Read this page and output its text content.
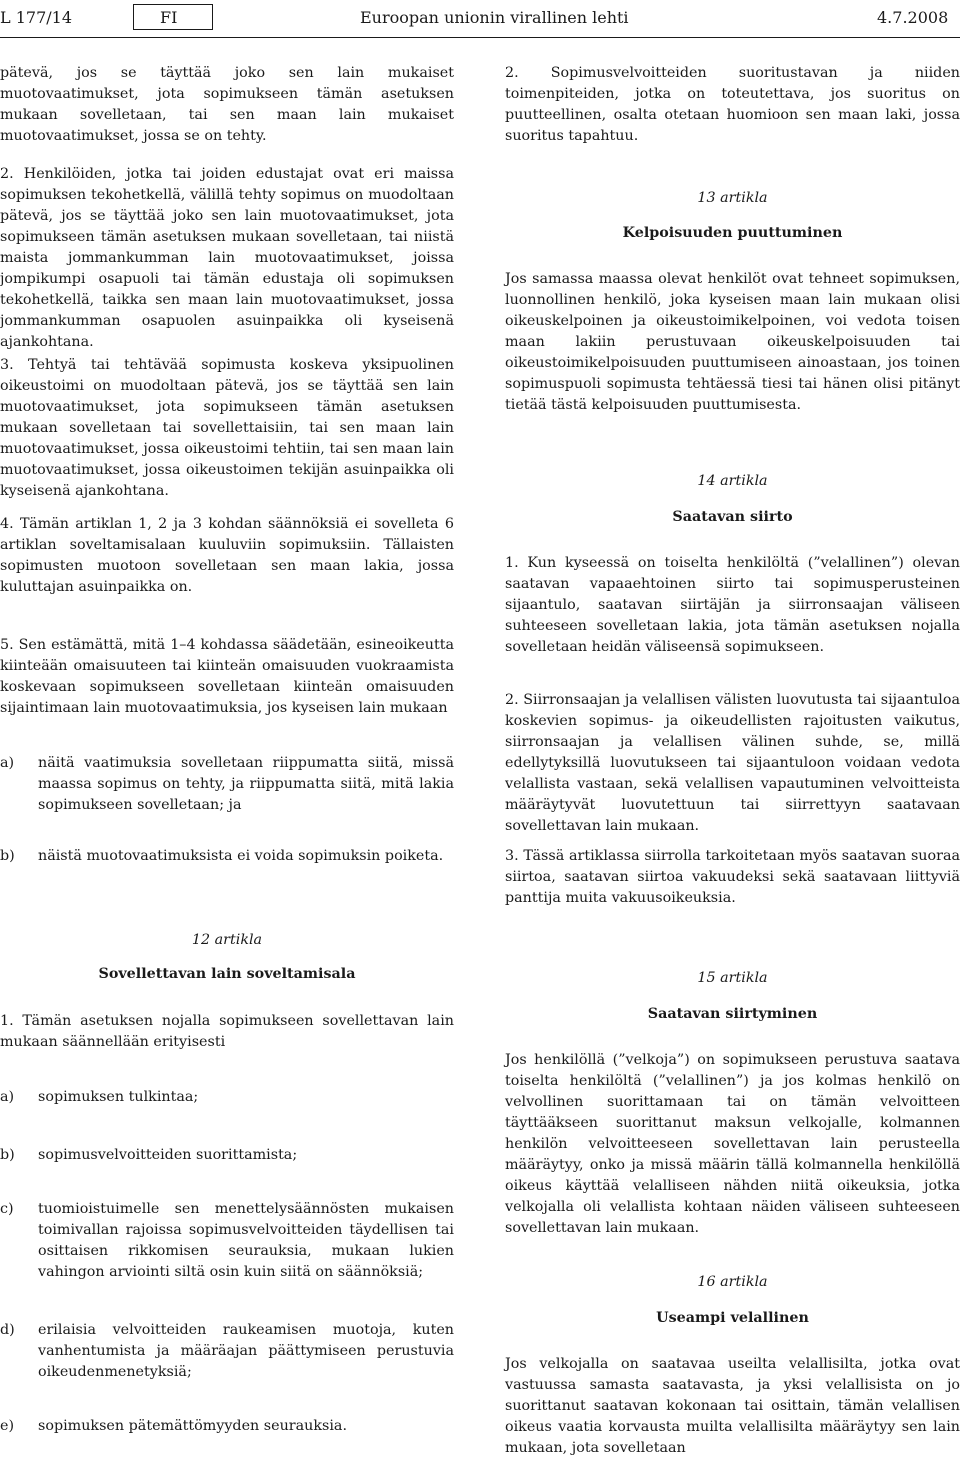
L 177/14	FI	Euroopan unionin virallinen lehti	4.7.2008

pätevä, jos se täyttää joko sen lain mukaiset muotovaatimukset, jota sopimukseen tämän asetuksen mukaan sovelletaan, tai sen maan lain mukaiset muotovaatimukset, jossa se on tehty.

2. Henkilöiden, jotka tai joiden edustajat ovat eri maissa sopimuksen tekohetkellä, välillä tehty sopimus on muodoltaan pätevä, jos se täyttää joko sen lain muotovaatimukset, jota sopimukseen tämän asetuksen mukaan sovelletaan, tai niistä maista jommankumman lain muotovaatimukset, joissa jompikumpi osapuoli tai tämän edustaja oli sopimuksen tekohetkellä, taikka sen maan lain muotovaatimukset, jossa jommankumman osapuolen asuinpaikka oli kyseisenä ajankohtana.

3. Tehtyä tai tehtävää sopimusta koskeva yksipuolinen oikeustoimi on muodoltaan pätevä, jos se täyttää sen lain muotovaatimukset, jota sopimukseen tämän asetuksen mukaan sovelletaan tai sovellettaisiin, tai sen maan lain muotovaatimukset, jossa oikeustoimi tehtiin, tai sen maan lain muotovaatimukset, jossa oikeustoimen tekijän asuinpaikka oli kyseisenä ajankohtana.

4. Tämän artiklan 1, 2 ja 3 kohdan säännöksiä ei sovelleta 6 artiklan soveltamisalaan kuuluviin sopimuksiin. Tällaisten sopimusten muotoon sovelletaan sen maan lakia, jossa kuluttajan asuinpaikka on.

5. Sen estämättä, mitä 1–4 kohdassa säädetään, esineoikeutta kiinteään omaisuuteen tai kiinteän omaisuuden vuokraamista koskevaan sopimukseen sovelletaan kiinteän omaisuuden sijaintimaan lain muotovaatimuksia, jos kyseisen lain mukaan

a) näitä vaatimuksia sovelletaan riippumatta siitä, missä maassa sopimus on tehty, ja riippumatta siitä, mitä lakia sopimukseen sovelletaan; ja

b) näistä muotovaatimuksista ei voida sopimuksin poiketa.

12 artikla
Sovellettavan lain soveltamisala

1. Tämän asetuksen nojalla sopimukseen sovellettavan lain mukaan säännellään erityisesti

a) sopimuksen tulkintaa;

b) sopimusvelvoitteiden suorittamista;

c) tuomioistuimelle sen menettelysäännösten mukaisen toimivallan rajoissa sopimusvelvoitteiden täydellisen tai osittaisen rikkomisen seurauksia, mukaan lukien vahingon arviointi siltä osin kuin siitä on säännöksiä;

d) erilaisia velvoitteiden raukeamisen muotoja, kuten vanhentumista ja määräajan päättymiseen perustuvia oikeudenmenetyksiä;

e) sopimuksen pätemättömyyden seurauksia.

2. Sopimusvelvoitteiden suoritustavan ja niiden toimenpiteiden, jotka on toteutettava, jos suoritus on puutteellinen, osalta otetaan huomioon sen maan laki, jossa suoritus tapahtuu.

13 artikla
Kelpoisuuden puuttuminen

Jos samassa maassa olevat henkilöt ovat tehneet sopimuksen, luonnollinen henkilö, joka kyseisen maan lain mukaan olisi oikeuskelpoinen ja oikeustoimikelpoinen, voi vedota toisen maan lakiin perustuvaan oikeuskelpoisuuden tai oikeustoimikelpoisuuden puuttumiseen ainoastaan, jos toinen sopimuspuoli sopimusta tehtäessä tiesi tai hänen olisi pitänyt tietää tästä kelpoisuuden puuttumisesta.

14 artikla
Saatavan siirto

1. Kun kyseessä on toiselta henkilöltä (”velallinen”) olevan saatavan vapaaehtoinen siirto tai sopimusperusteinen sijaantulo, saatavan siirtäjän ja siirronsaajan väliseen suhteeseen sovelletaan lakia, jota tämän asetuksen nojalla sovelletaan heidän väliseensä sopimukseen.

2. Siirronsaajan ja velallisen välisten luovutusta tai sijaantuloa koskevien sopimus- ja oikeudellisten rajoitusten vaikutus, siirronsaajan ja velallisen välinen suhde, se, millä edellytyksillä luovutukseen tai sijaantuloon voidaan vedota velallista vastaan, sekä velallisen vapautuminen velvoitteista määräytyvät luovutettuun tai siirrettyyn saatavaan sovellettavan lain mukaan.

3. Tässä artiklassa siirrolla tarkoitetaan myös saatavan suoraa siirtoa, saatavan siirtoa vakuudeksi sekä saatavaan liittyviä panttija muita vakuusoikeuksia.

15 artikla
Saatavan siirtyminen

Jos henkilöllä (”velkoja”) on sopimukseen perustuva saatava toiselta henkilöltä (”velallinen”) ja jos kolmas henkilö on velvollinen suorittamaan tai on tämän velvoitteen täyttääkseen suorittanut maksun velkojalle, kolmannen henkilön velvoitteeseen sovellettavan lain perusteella määräytyy, onko ja missä määrin tällä kolmannella henkilöllä oikeus käyttää velalliseen nähden niitä oikeuksia, jotka velkojalla oli velallista kohtaan näiden väliseen suhteeseen sovellettavan lain mukaan.

16 artikla
Useampi velallinen

Jos velkojalla on saatavaa useilta velallisilta, jotka ovat vastuussa samasta saatavasta, ja yksi velallisista on jo suorittanut saatavan kokonaan tai osittain, tämän velallisen oikeus vaatia korvausta muilta velallisilta määräytyy sen lain mukaan, jota sovelletaan
